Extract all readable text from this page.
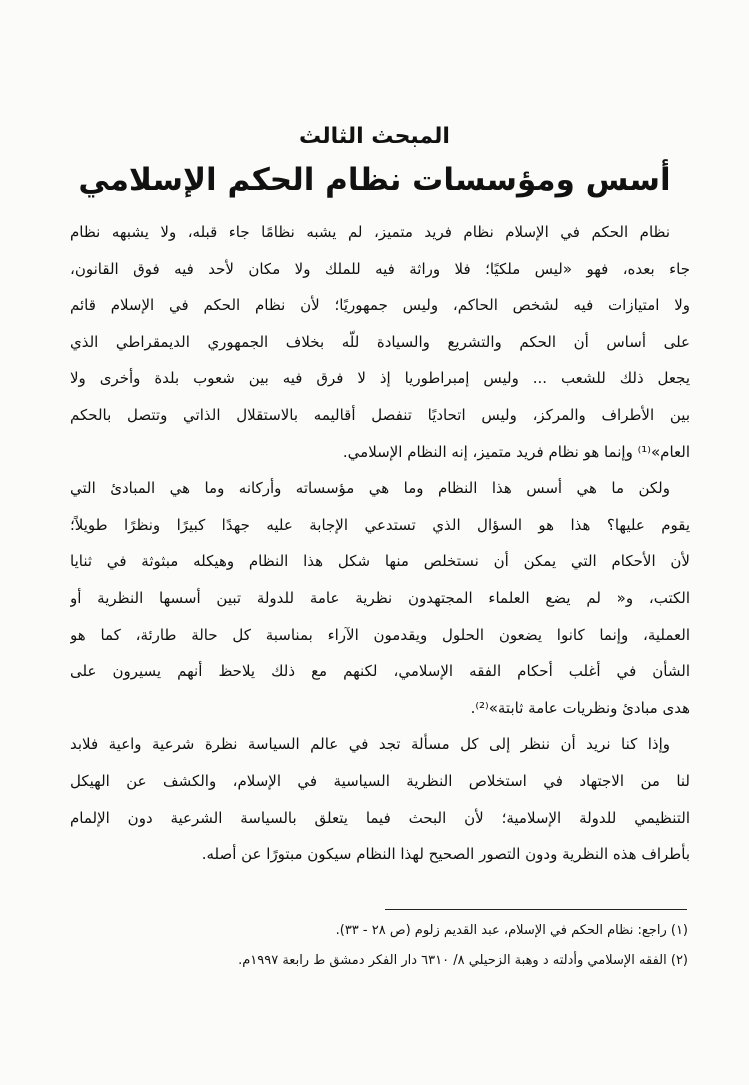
المبحث الثالث
أسس ومؤسسات نظام الحكم الإسلامي
نظام الحكم في الإسلام نظام فريد متميز، لم يشبه نظامًا جاء قبله، ولا يشبهه نظام
جاء بعده، فهو «ليس ملكيًا؛ فلا وراثة فيه للملك ولا مكان لأحد فيه فوق القانون،
ولا امتيازات فيه لشخص الحاكم، وليس جمهوريًا؛ لأن نظام الحكم في الإسلام قائم
على أساس أن الحكم والتشريع والسيادة للّه بخلاف الجمهوري الديمقراطي الذي
يجعل ذلك للشعب ... وليس إمبراطوريا إذ لا فرق فيه بين شعوب بلدة وأخرى ولا
بين الأطراف والمركز، وليس اتحاديًا تنفصل أقاليمه بالاستقلال الذاتي وتتصل بالحكم
العام»⁽¹⁾ وإنما هو نظام فريد متميز، إنه النظام الإسلامي.
ولكن ما هي أسس هذا النظام وما هي مؤسساته وأركانه وما هي المبادئ التي
يقوم عليها؟ هذا هو السؤال الذي تستدعي الإجابة عليه جهدًا كبيرًا ونظرًا طويلاً؛
لأن الأحكام التي يمكن أن نستخلص منها شكل هذا النظام وهيكله مبثوثة في ثنايا
الكتب، و« لم يضع العلماء المجتهدون نظرية عامة للدولة تبين أسسها النظرية أو
العملية، وإنما كانوا يضعون الحلول ويقدمون الآراء بمناسبة كل حالة طارئة، كما هو
الشأن في أغلب أحكام الفقه الإسلامي، لكنهم مع ذلك يلاحظ أنهم يسيرون على
هدى مبادئ ونظريات عامة ثابتة»⁽²⁾.
وإذا كنا نريد أن ننظر إلى كل مسألة تجد في عالم السياسة نظرة شرعية واعية فلابد
لنا من الاجتهاد في استخلاص النظرية السياسية في الإسلام، والكشف عن الهيكل
التنظيمي للدولة الإسلامية؛ لأن البحث فيما يتعلق بالسياسة الشرعية دون الإلمام
بأطراف هذه النظرية ودون التصور الصحيح لهذا النظام سيكون مبتورًا عن أصله.
(١) راجع: نظام الحكم في الإسلام، عبد القديم زلوم (ص ٢٨ - ٣٣).
(٢) الفقه الإسلامي وأدلته د وهبة الزحيلي ٨/ ٦٣١٠ دار الفكر دمشق ط رابعة ١٩٩٧م.
